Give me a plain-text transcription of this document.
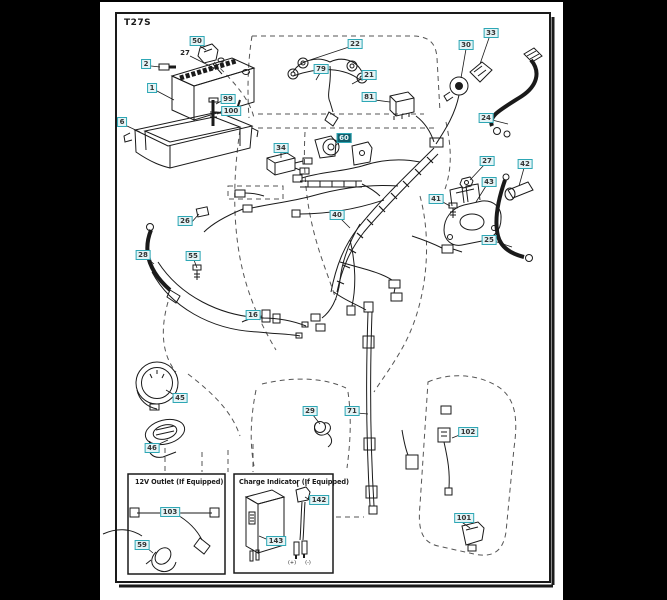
T27S
12V Outlet (If Equipped) Charge Indicator (If Equipped)
(+) (-)
50
27
2
1
99
100
6
22
79
21
81
30
33
24
34
60
27	42
43
41
25
26
28	55
40
16
45
46
29	71
102
101
103
59
142
143
